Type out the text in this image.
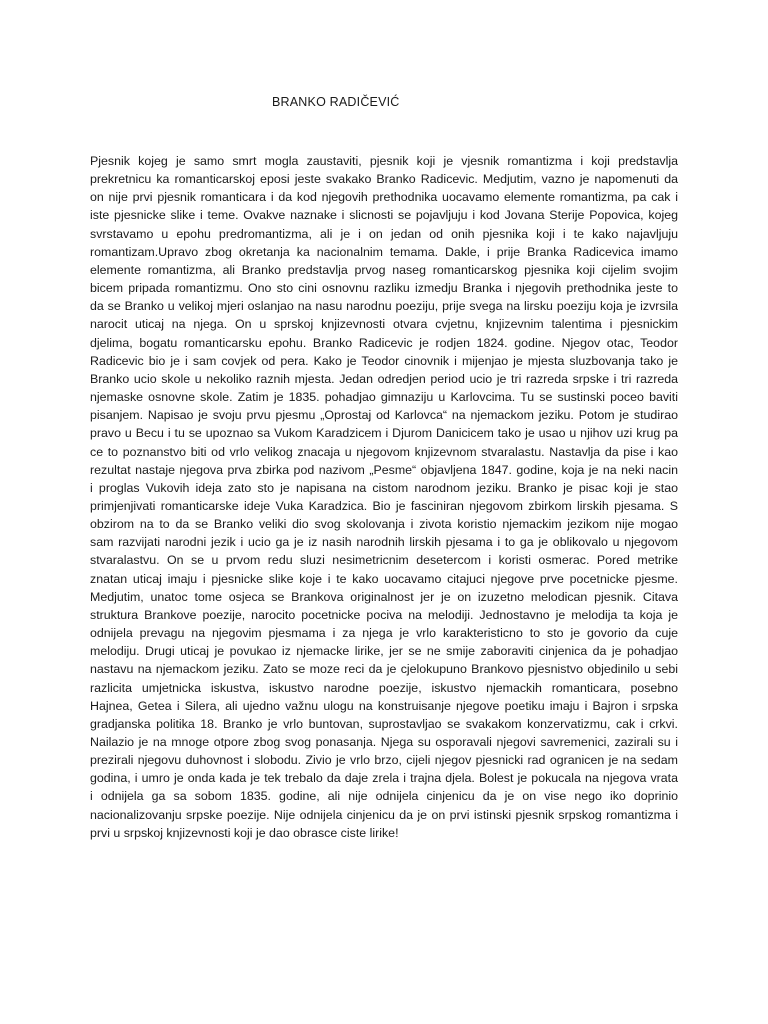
BRANKO RADIČEVIĆ
Pjesnik kojeg je samo smrt mogla zaustaviti, pjesnik koji je vjesnik romantizma i koji predstavlja
prekretnicu ka romanticarskoj eposi jeste svakako Branko Radicevic. Medjutim, vazno je napomenuti da
on nije prvi pjesnik romanticara i da kod njegovih prethodnika uocavamo elemente romantizma, pa cak i
iste pjesnicke slike i teme. Ovakve naznake i slicnosti se pojavljuju i kod Jovana Sterije Popovica, kojeg
svrstavamo u epohu predromantizma, ali je i on jedan od onih pjesnika koji i te kako najavljuju
romantizam.Upravo zbog okretanja ka nacionalnim temama. Dakle, i prije Branka Radicevica imamo
elemente romantizma, ali Branko predstavlja prvog naseg romanticarskog pjesnika koji cijelim svojim
bicem pripada romantizmu. Ono sto cini osnovnu razliku izmedju Branka i njegovih prethodnika jeste to
da se Branko u velikoj mjeri oslanjao na nasu narodnu poeziju, prije svega na lirsku poeziju koja je izvrsila
narocit uticaj na njega. On u sprskoj knjizevnosti otvara cvjetnu, knjizevnim talentima i pjesnickim
djelima, bogatu romanticarsku epohu. Branko Radicevic je rodjen 1824. godine. Njegov otac, Teodor
Radicevic bio je i sam covjek od pera. Kako je Teodor cinovnik i mijenjao je mjesta sluzbovanja tako je
Branko ucio skole u nekoliko raznih mjesta. Jedan odredjen period ucio je tri razreda srpske i tri razreda
njemaske osnovne skole. Zatim je 1835. pohadjao gimnaziju u Karlovcima. Tu se sustinski poceo baviti
pisanjem. Napisao je svoju prvu pjesmu „Oprostaj od Karlovca“ na njemackom jeziku. Potom je studirao
pravo u Becu i tu se upoznao sa Vukom Karadzicem i Djurom Danicicem tako je usao u njihov uzi krug pa
ce to poznanstvo biti od vrlo velikog znacaja u njegovom knjizevnom stvaralastu. Nastavlja da pise i kao
rezultat nastaje njegova prva zbirka pod nazivom „Pesme“ objavljena 1847. godine, koja je na neki nacin
i proglas Vukovih ideja zato sto je napisana na cistom narodnom jeziku. Branko je pisac koji je stao
primjenjivati romanticarske ideje Vuka Karadzica. Bio je fasciniran njegovom zbirkom lirskih pjesama. S
obzirom na to da se Branko veliki dio svog skolovanja i zivota koristio njemackim jezikom nije mogao
sam razvijati narodni jezik i ucio ga je iz nasih narodnih lirskih pjesama i to ga je oblikovalo u njegovom
stvaralastvu. On se u prvom redu sluzi nesimetricnim desetercom i koristi osmerac. Pored metrike
znatan uticaj imaju i pjesnicke slike koje i te kako uocavamo citajuci njegove prve pocetnicke pjesme.
Medjutim, unatoc tome osjeca se Brankova originalnost jer je on izuzetno melodican pjesnik. Citava
struktura Brankove poezije, narocito pocetnicke pociva na melodiji. Jednostavno je melodija ta koja je
odnijela prevagu na njegovim pjesmama i za njega je vrlo karakteristicno to sto je govorio da cuje
melodiju. Drugi uticaj je povukao iz njemacke lirike, jer se ne smije zaboraviti cinjenica da je pohadjao
nastavu na njemackom jeziku. Zato se moze reci da je cjelokupuno Brankovo pjesnistvo objedinilo u sebi
razlicita umjetnicka iskustva, iskustvo narodne poezije, iskustvo njemackih romanticara, posebno
Hajnea, Getea i Silera, ali ujedno važnu ulogu na konstruisanje njegove poetiku imaju i Bajron i srpska
gradjanska politika 18. Branko je vrlo buntovan, suprostavljao se svakakom konzervatizmu, cak i crkvi.
Nailazio je na mnoge otpore zbog svog ponasanja. Njega su osporavali njegovi savremenici, zazirali su i
prezirali njegovu duhovnost i slobodu. Zivio je vrlo brzo, cijeli njegov pjesnicki rad ogranicen je na sedam
godina, i umro je onda kada je tek trebalo da daje zrela i trajna djela. Bolest je pokucala na njegova vrata
i odnijela ga sa sobom 1835. godine, ali nije odnijela cinjenicu da je on vise nego iko doprinio
nacionalizovanju srpske poezije. Nije odnijela cinjenicu da je on prvi istinski pjesnik srpskog romantizma i
prvi u srpskoj knjizevnosti koji je dao obrasce ciste lirike!
